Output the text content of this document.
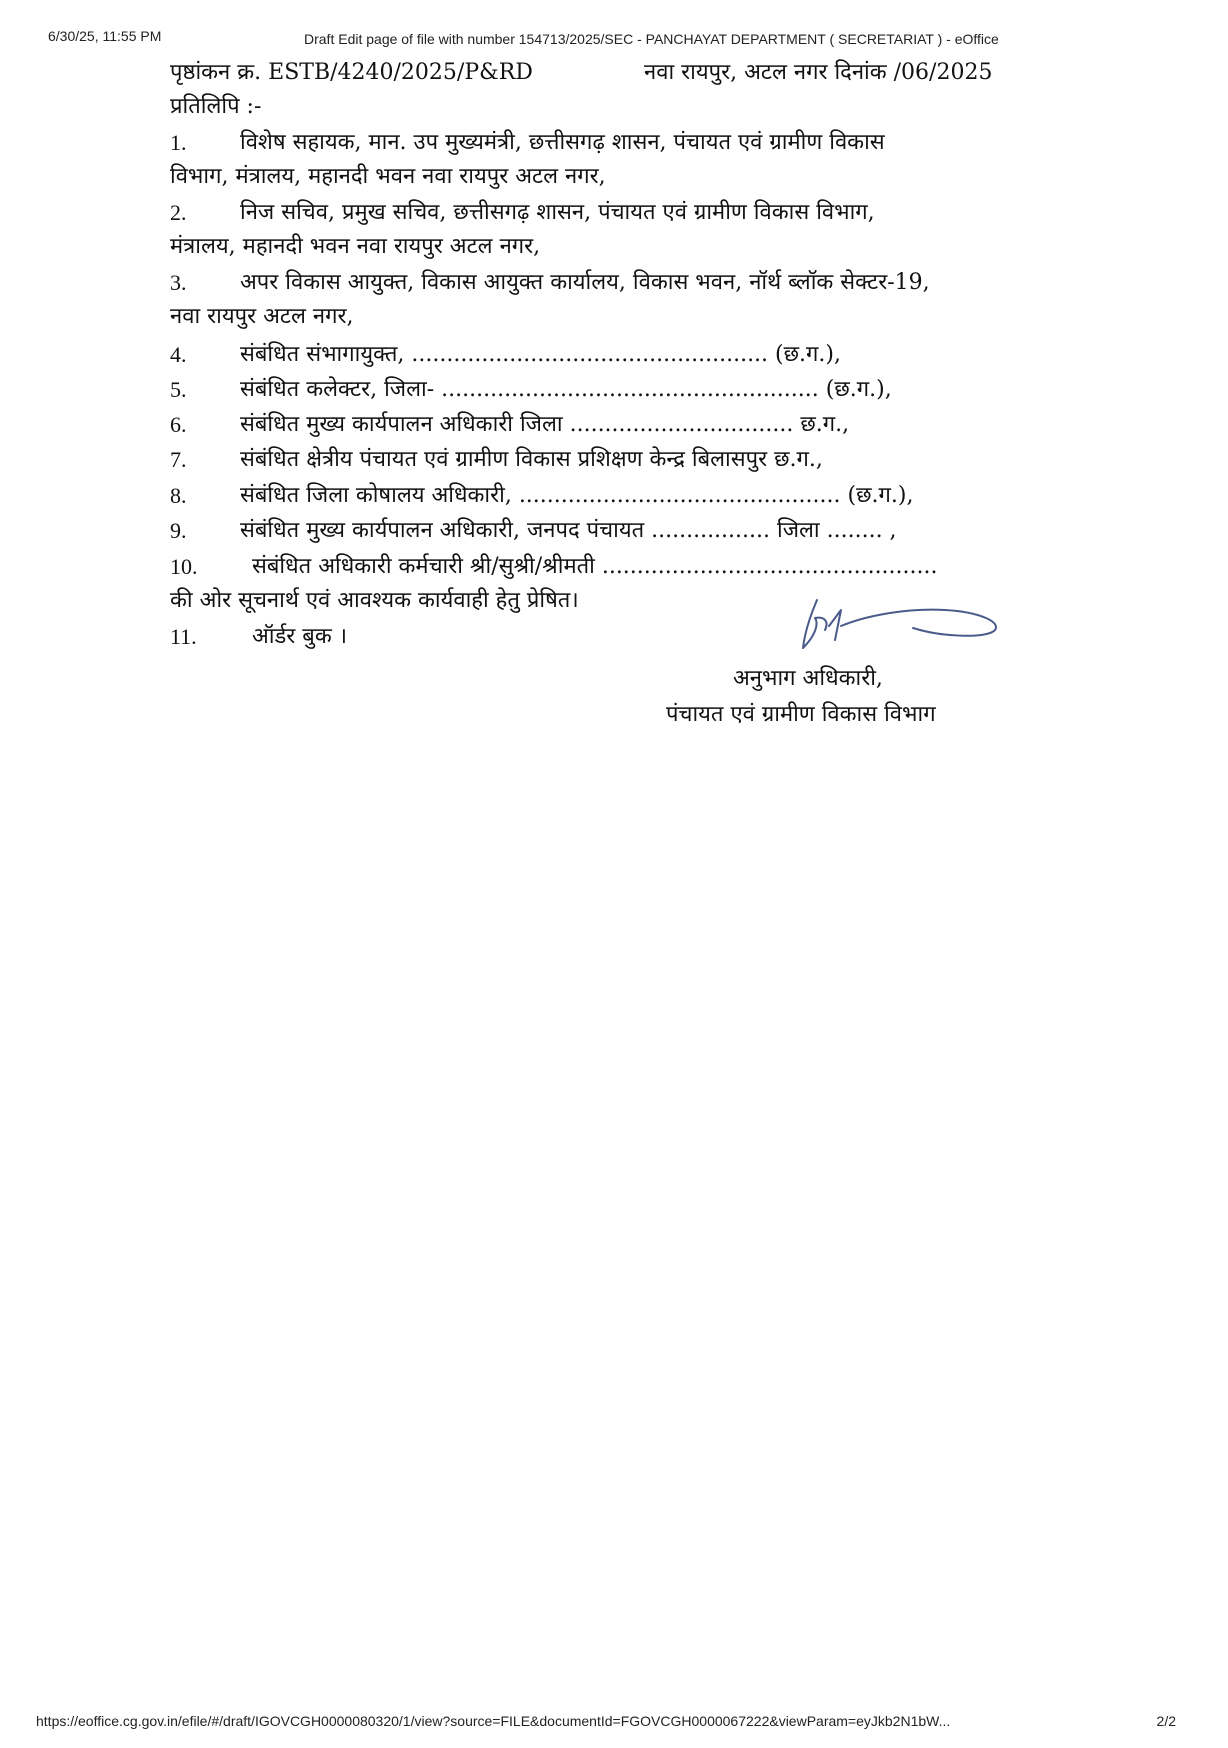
6/30/25, 11:55 PM	Draft Edit page of file with number 154713/2025/SEC - PANCHAYAT DEPARTMENT ( SECRETARIAT ) - eOffice
पृष्ठांकन क्र. ESTB/4240/2025/P&RD	नवा रायपुर, अटल नगर दिनांक /06/2025
प्रतिलिपि :-
1. विशेष सहायक, मान. उप मुख्यमंत्री, छत्तीसगढ़ शासन, पंचायत एवं ग्रामीण विकास
विभाग, मंत्रालय, महानदी भवन नवा रायपुर अटल नगर,
2. निज सचिव, प्रमुख सचिव, छत्तीसगढ़ शासन, पंचायत एवं ग्रामीण विकास विभाग,
मंत्रालय, महानदी भवन नवा रायपुर अटल नगर,
3. अपर विकास आयुक्त, विकास आयुक्त कार्यालय, विकास भवन, नॉर्थ ब्लॉक सेक्टर-19,
नवा रायपुर अटल नगर,
4. संबंधित संभागायुक्त, ................................................... (छ.ग.),
5. संबंधित कलेक्टर, जिला- ...................................................... (छ.ग.),
6. संबंधित मुख्य कार्यपालन अधिकारी जिला ................................ छ.ग.,
7. संबंधित क्षेत्रीय पंचायत एवं ग्रामीण विकास प्रशिक्षण केन्द्र बिलासपुर छ.ग.,
8. संबंधित जिला कोषालय अधिकारी, .............................................. (छ.ग.),
9. संबंधित मुख्य कार्यपालन अधिकारी, जनपद पंचायत ................. जिला ........ ,
10. संबंधित अधिकारी कर्मचारी श्री/सुश्री/श्रीमती ................................................
की ओर सूचनार्थ एवं आवश्यक कार्यवाही हेतु प्रेषित।
11.	ऑर्डर बुक ।
अनुभाग अधिकारी,
पंचायत एवं ग्रामीण विकास विभाग
https://eoffice.cg.gov.in/efile/#/draft/IGOVCGH0000080320/1/view?source=FILE&documentId=FGOVCGH0000067222&viewParam=eyJkb2N1bW...	2/2
